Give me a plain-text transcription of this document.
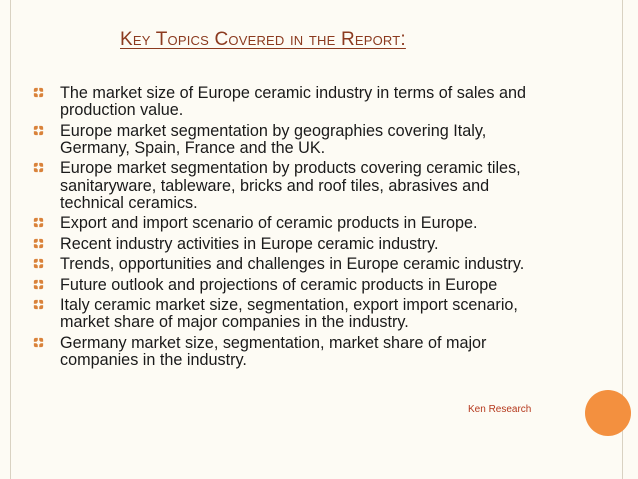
Key Topics Covered in the Report:
The market size of Europe ceramic industry in terms of sales and production value.
Europe market segmentation by geographies covering Italy, Germany, Spain, France and the UK.
Europe market segmentation by products covering ceramic tiles, sanitaryware, tableware, bricks and roof tiles, abrasives and technical ceramics.
Export and import scenario of ceramic products in Europe.
Recent industry activities in Europe ceramic industry.
Trends, opportunities and challenges in Europe ceramic industry.
Future outlook and projections of ceramic products in Europe
Italy ceramic market size, segmentation, export import scenario, market share of major companies in the industry.
Germany market size, segmentation, market share of major companies in the industry.
Ken Research
